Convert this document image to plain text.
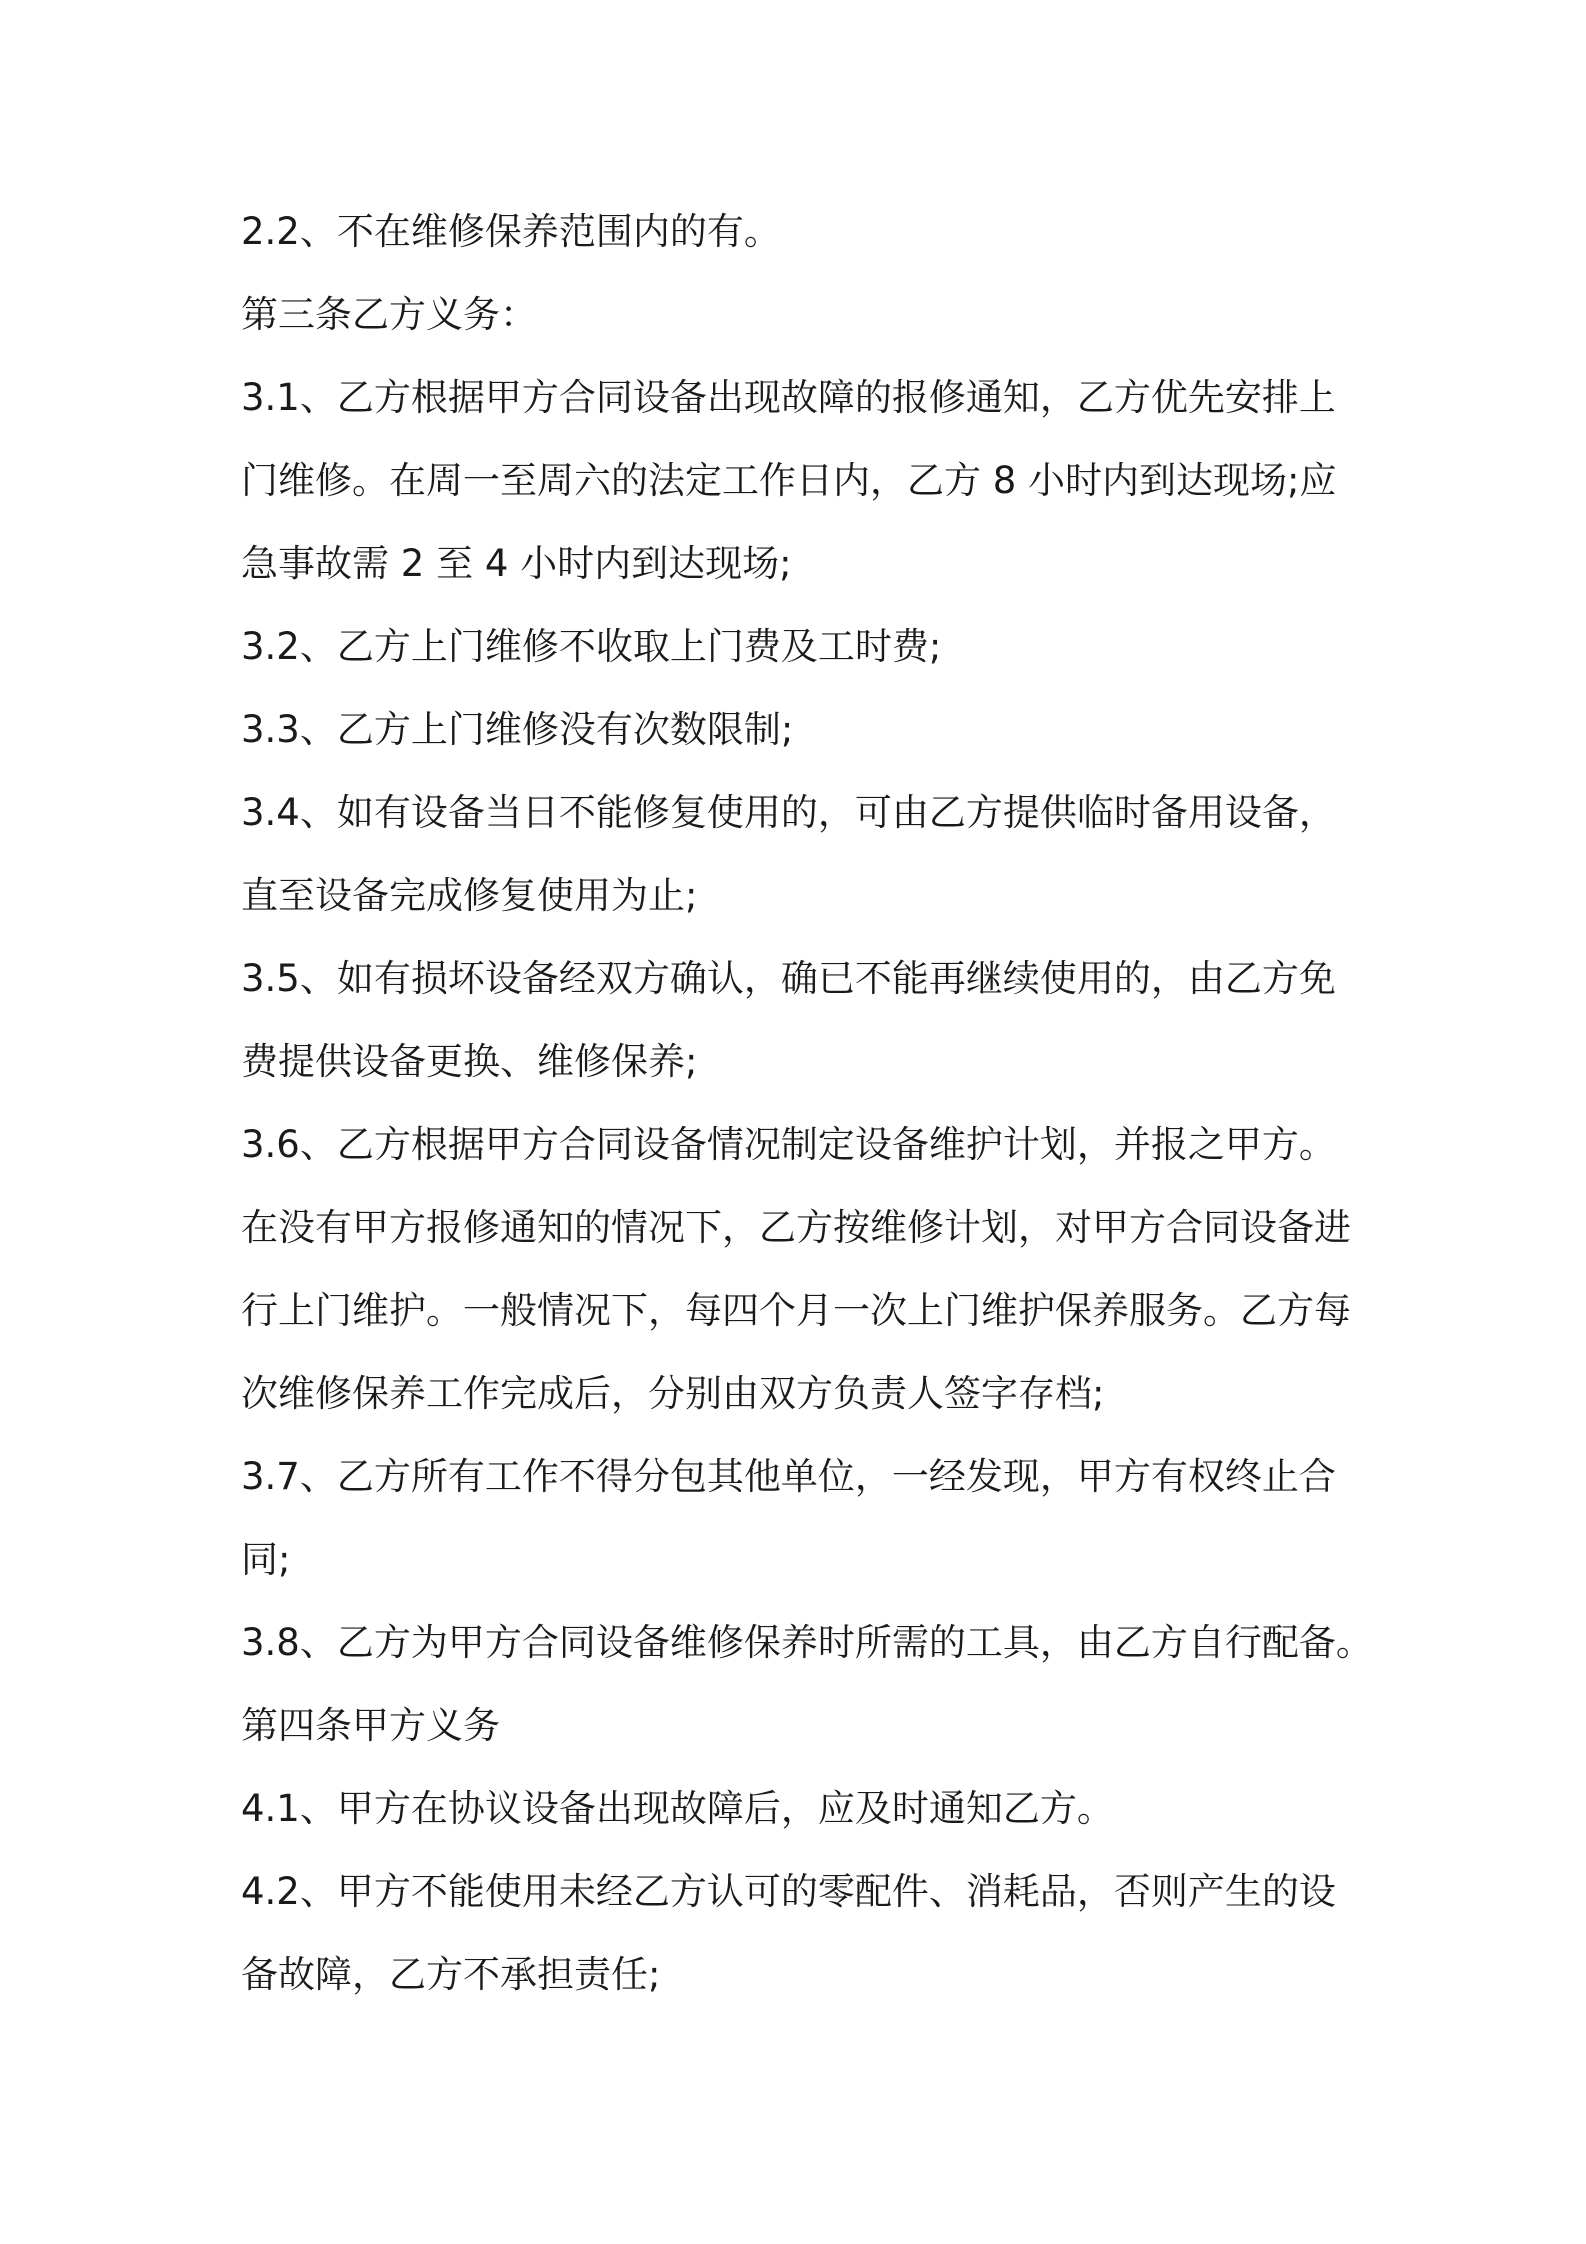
2.2、不在维修保养范围内的有。
第三条乙方义务：
3.1、乙方根据甲方合同设备出现故障的报修通知，乙方优先安排上
门维修。在周一至周六的法定工作日内，乙方 8 小时内到达现场;应
急事故需 2 至 4 小时内到达现场;
3.2、乙方上门维修不收取上门费及工时费;
3.3、乙方上门维修没有次数限制;
3.4、如有设备当日不能修复使用的，可由乙方提供临时备用设备，
直至设备完成修复使用为止;
3.5、如有损坏设备经双方确认，确已不能再继续使用的，由乙方免
费提供设备更换、维修保养;
3.6、乙方根据甲方合同设备情况制定设备维护计划，并报之甲方。
在没有甲方报修通知的情况下，乙方按维修计划，对甲方合同设备进
行上门维护。一般情况下，每四个月一次上门维护保养服务。乙方每
次维修保养工作完成后，分别由双方负责人签字存档;
3.7、乙方所有工作不得分包其他单位，一经发现，甲方有权终止合
同;
3.8、乙方为甲方合同设备维修保养时所需的工具，由乙方自行配备。
第四条甲方义务
4.1、甲方在协议设备出现故障后，应及时通知乙方。
4.2、甲方不能使用未经乙方认可的零配件、消耗品，否则产生的设
备故障，乙方不承担责任;
